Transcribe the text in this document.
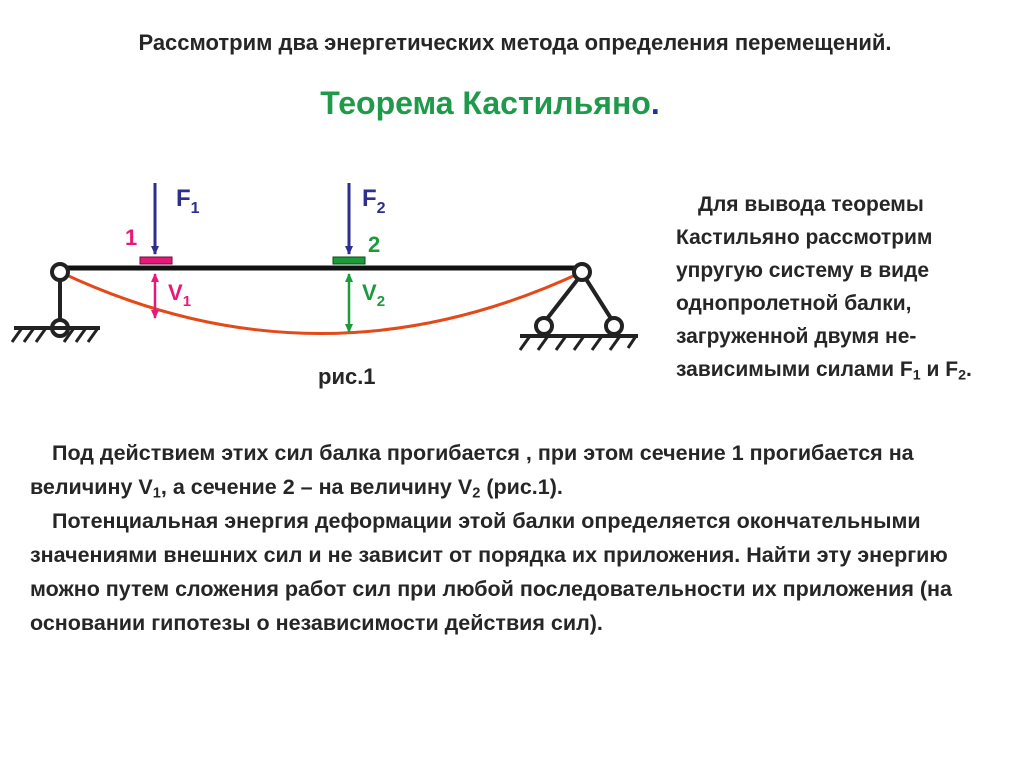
Рассмотрим два энергетических метода определения перемещений.
Теорема Кастильяно.
$F_1$	$F_2$
1	2
$V_1$	$V_2$
рис.1

Для вывода теоремы Кастильяно рассмотрим упругую систему в виде однопролетной балки, загруженной двумя не-зависимыми силами $F_1$ и $F_2$.

Под действием этих сил балка прогибается , при этом сечение 1 прогибается на величину $V_1$, а сечение 2 – на величину $V_2$ (рис.1).

Потенциальная энергия деформации этой балки определяется окончательными значениями внешних сил и не зависит от порядка их приложения. Найти эту энергию можно путем сложения работ сил при любой последовательности их приложения (на основании гипотезы о независимости действия сил).
